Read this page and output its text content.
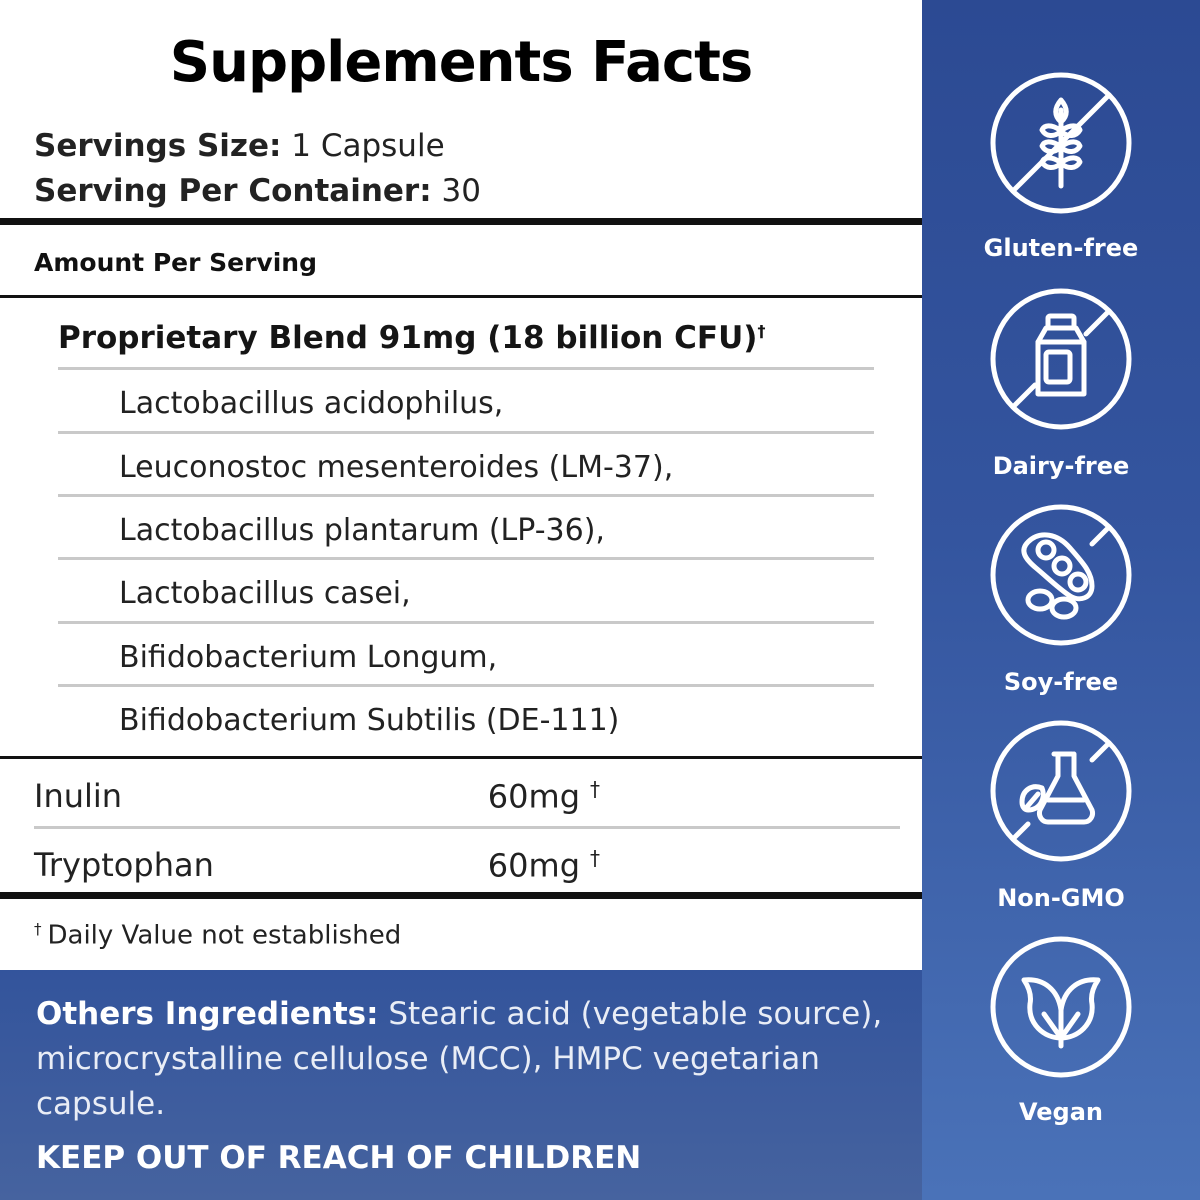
Supplements Facts
Servings Size: 1 Capsule
Serving Per Container: 30
Amount Per Serving
Proprietary Blend 91mg (18 billion CFU)†
Lactobacillus acidophilus,
Leuconostoc mesenteroides (LM-37),
Lactobacillus plantarum (LP-36),
Lactobacillus casei,
Bifidobacterium Longum,
Bifidobacterium Subtilis (DE-111)
Inulin	60mg †
Tryptophan	60mg †
† Daily Value not established
Others Ingredients: Stearic acid (vegetable source), microcrystalline cellulose (MCC), HMPC vegetarian capsule.
KEEP OUT OF REACH OF CHILDREN
Gluten-free
Dairy-free
Soy-free
Non-GMO
Vegan
